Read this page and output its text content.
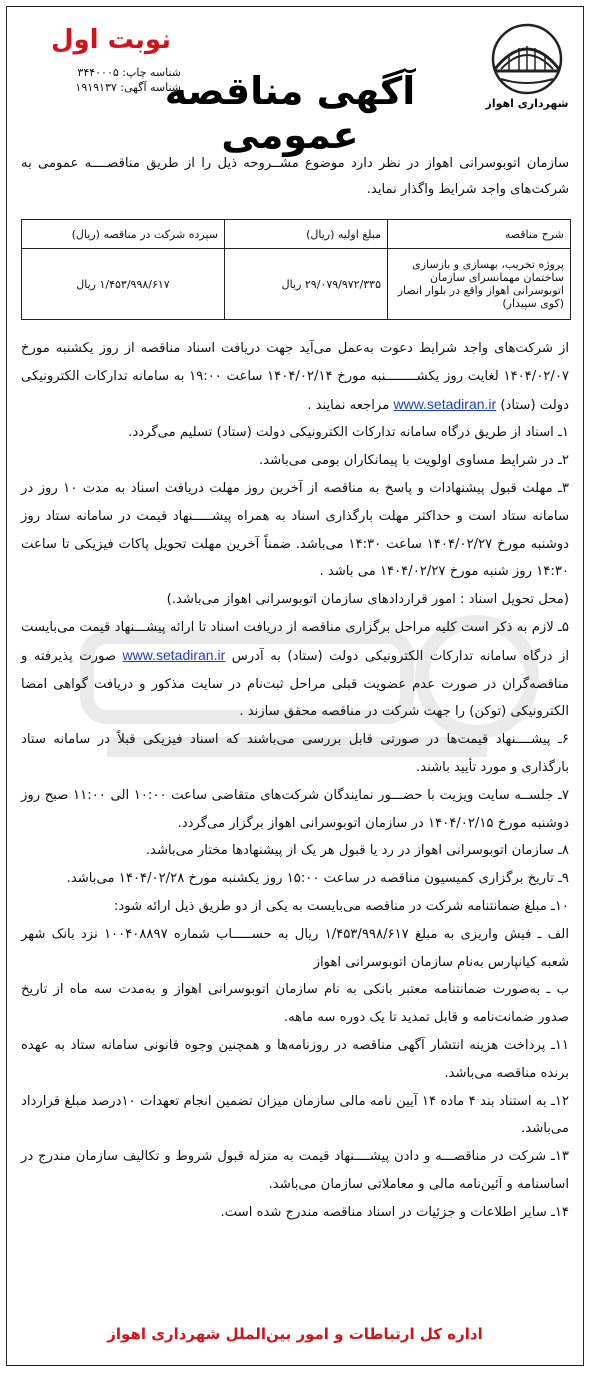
نوبت اول
شناسه چاپ: ۳۴۴۰۰۰۵
شناسه آگهی: ۱۹۱۹۱۳۷
آگهی مناقصه عمومی
شهرداری اهواز
سازمان اتوبوسرانی اهواز در نظر دارد موضوع مشــروحه ذیل را از طریق مناقصــــه عمومی به شرکت‌های واجد شرایط واگذار نماید.
شرح مناقصه	مبلغ اولیه (ریال)	سپرده شرکت در مناقصه (ریال)
پروژه تخریب، بهسازی و بازسازی ساختمان مهمانسرای سازمان اتوبوسرانی اهواز واقع در بلوار انصار (کوی سپیدار)	۲۹/۰۷۹/۹۷۲/۳۳۵ ریال	۱/۴۵۳/۹۹۸/۶۱۷ ریال

از شرکت‌های واجد شرایط دعوت به‌عمل می‌آید جهت دریافت اسناد مناقصه از روز یکشنبه مورخ ۱۴۰۴/۰۲/۰۷ لغایت روز یکشــــــــنبه مورخ ۱۴۰۴/۰۲/۱۴ ساعت ۱۹:۰۰ به سامانه تدارکات الکترونیکی دولت (ستاد) www.setadiran.ir مراجعه نمایند .

۱ـ اسناد از طریق درگاه سامانه تدارکات الکترونیکی دولت (ستاد) تسلیم می‌گردد.

۲ـ در شرایط مساوی اولویت با پیمانکاران بومی می‌باشد.

۳ـ مهلت قبول پیشنهادات و پاسخ به مناقصه از آخرین روز مهلت دریافت اسناد به مدت ۱۰ روز در سامانه ستاد است و حداکثر مهلت بارگذاری اسناد به همراه پیشـــــنهاد قیمت در سامانه ستاد روز دوشنبه مورخ ۱۴۰۴/۰۲/۲۷ ساعت ۱۴:۳۰ می‌باشد. ضمناً آخرین مهلت تحویل پاکات فیزیکی تا ساعت ۱۴:۳۰ روز شنبه مورخ ۱۴۰۴/۰۲/۲۷ می باشد .

(محل تحویل اسناد : امور قراردادهای سازمان اتوبوسرانی اهواز می‌باشد.)

۵ـ لازم به ذکر است کلیه مراحل برگزاری مناقصه از دریافت اسناد تا ارائه پیشـــنهاد قیمت می‌بایست از درگاه سامانه تدارکات الکترونیکی دولت (ستاد) به آدرس www.setadiran.ir صورت پذیرفته و مناقصه‌گران در صورت عدم عضویت قبلی مراحل ثبت‌نام در سایت مذکور و دریافت گواهی امضا الکترونیکی (توکن) را جهت شرکت در مناقصه محقق سازند .

۶ـ پیشــــنهاد قیمت‌ها در صورتی قابل بررسی می‌باشند که اسناد فیزیکی قبلاً در سامانه ستاد بارگذاری و مورد تأیید باشند.

۷ـ جلســه سایت ویزیت با حضـــور نمایندگان شرکت‌های متقاضی ساعت ۱۰:۰۰ الی ۱۱:۰۰ صبح روز دوشنبه مورخ ۱۴۰۴/۰۲/۱۵ در سازمان اتوبوسرانی اهواز برگزار می‌گردد.

۸ـ سازمان اتوبوسرانی اهواز در رد یا قبول هر یک از پیشنهادها مختار می‌باشد.

۹ـ تاریخ برگزاری کمیسیون مناقصه در ساعت ۱۵:۰۰ روز یکشنبه مورخ ۱۴۰۴/۰۲/۲۸ می‌باشد.

۱۰ـ مبلغ ضمانتنامه شرکت در مناقصه می‌بایست به یکی از دو طریق ذیل ارائه شود:

الف ـ فیش واریزی به مبلغ ۱/۴۵۳/۹۹۸/۶۱۷ ریال به حســـــاب شماره ۱۰۰۴۰۸۸۹۷ نزد بانک شهر شعبه کیانپارس به‌نام سازمان اتوبوسرانی اهواز

ب ـ به‌صورت ضمانتنامه معتبر بانکی به نام سازمان اتوبوسرانی اهواز و به‌مدت سه ماه از تاریخ صدور ضمانت‌نامه و قابل تمدید تا یک دوره سه ماهه.

۱۱ـ پرداخت هزینه انتشار آگهی مناقصه در روزنامه‌ها و همچنین وجوه قانونی سامانه ستاد به عهده برنده مناقصه می‌باشد.

۱۲ـ به استناد بند ۴ ماده ۱۴ آیین نامه مالی سازمان میزان تضمین انجام تعهدات ۱۰درصد مبلغ قرارداد می‌باشد.

۱۳ـ شرکت در مناقصـــه و دادن پیشــــنهاد قیمت به منزله قبول شروط و تکالیف سازمان مندرج در اساسنامه و آئین‌نامه مالی و معاملاتی سازمان می‌باشد.

۱۴ـ سایر اطلاعات و جزئیات در اسناد مناقصه مندرج شده است.

اداره کل ارتباطات و امور بین‌الملل شهرداری اهواز
